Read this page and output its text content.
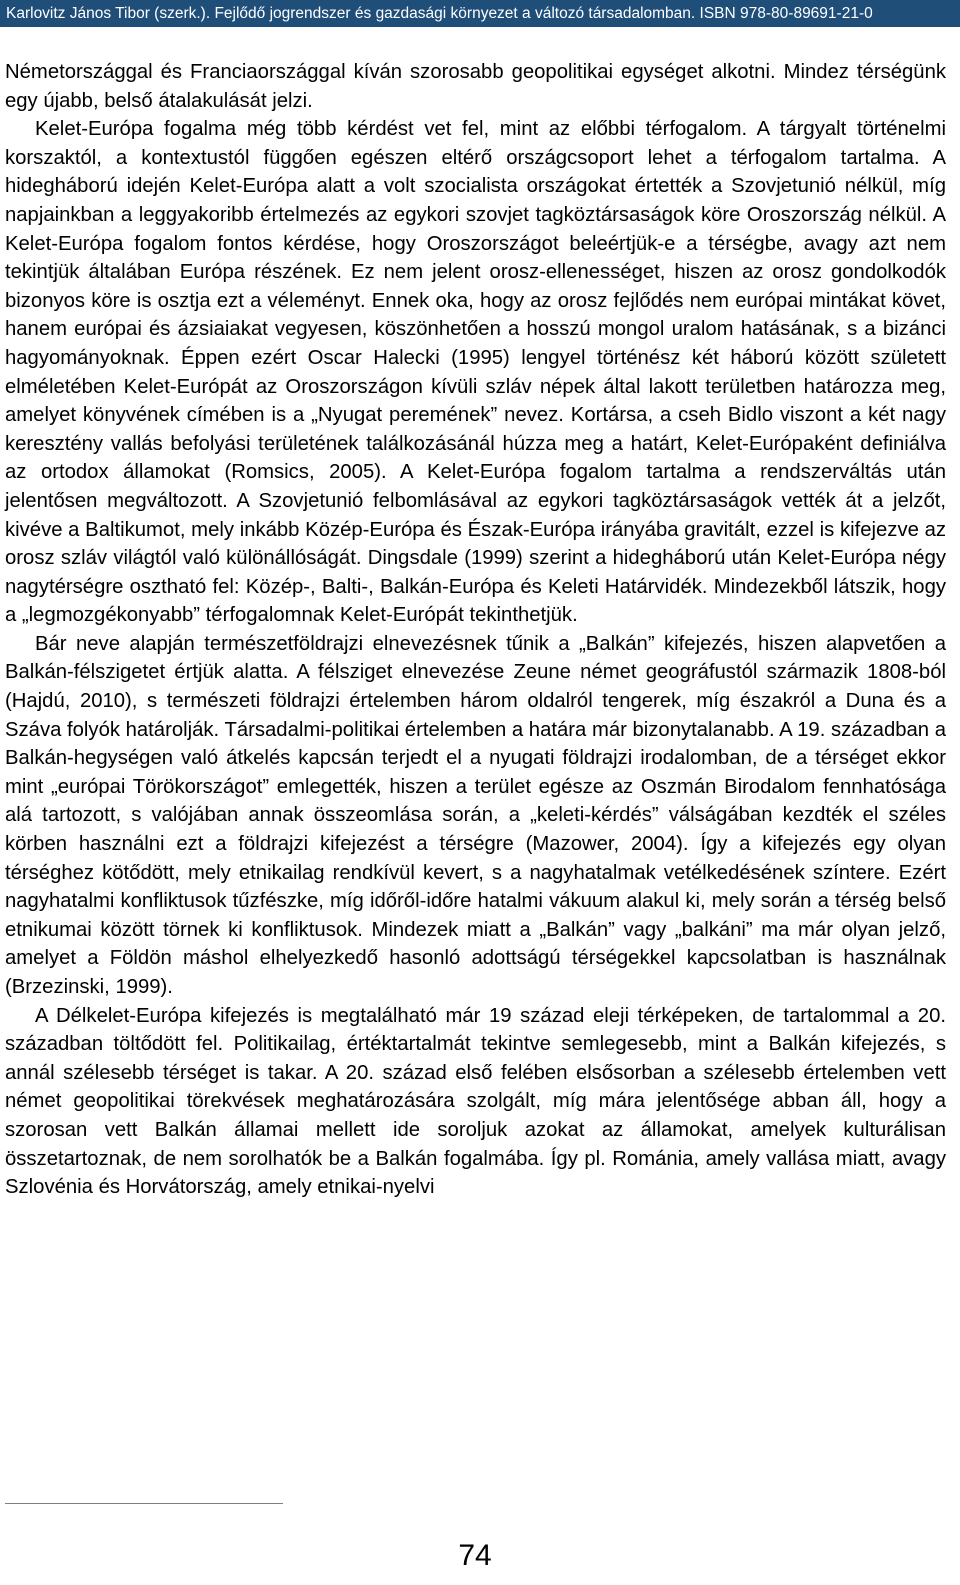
Karlovitz János Tibor (szerk.). Fejlődő jogrendszer és gazdasági környezet a változó társadalomban. ISBN 978-80-89691-21-0

Németországgal és Franciaországgal kíván szorosabb geopolitikai egységet alkotni. Mindez térségünk egy újabb, belső átalakulását jelzi.

Kelet-Európa fogalma még több kérdést vet fel, mint az előbbi térfogalom. A tárgyalt történelmi korszaktól, a kontextustól függően egészen eltérő országcsoport lehet a térfogalom tartalma. A hidegháború idején Kelet-Európa alatt a volt szocialista országokat értették a Szovjetunió nélkül, míg napjainkban a leggyakoribb értelmezés az egykori szovjet tagköztársaságok köre Oroszország nélkül. A Kelet-Európa fogalom fontos kérdése, hogy Oroszországot beleértjük-e a térségbe, avagy azt nem tekintjük általában Európa részének. Ez nem jelent orosz-ellenességet, hiszen az orosz gondolkodók bizonyos köre is osztja ezt a véleményt. Ennek oka, hogy az orosz fejlődés nem európai mintákat követ, hanem európai és ázsiaiakat vegyesen, köszönhetően a hosszú mongol uralom hatásának, s a bizánci hagyományoknak. Éppen ezért Oscar Halecki (1995) lengyel történész két háború között született elméletében Kelet-Európát az Oroszországon kívüli szláv népek által lakott területben határozza meg, amelyet könyvének címében is a „Nyugat peremének” nevez. Kortársa, a cseh Bidlo viszont a két nagy keresztény vallás befolyási területének találkozásánál húzza meg a határt, Kelet-Európaként definiálva az ortodox államokat (Romsics, 2005). A Kelet-Európa fogalom tartalma a rendszerváltás után jelentősen megváltozott. A Szovjetunió felbomlásával az egykori tagköztársaságok vették át a jelzőt, kivéve a Baltikumot, mely inkább Közép-Európa és Észak-Európa irányába gravitált, ezzel is kifejezve az orosz szláv világtól való különállóságát. Dingsdale (1999) szerint a hidegháború után Kelet-Európa négy nagytérségre osztható fel: Közép-, Balti-, Balkán-Európa és Keleti Határvidék. Mindezekből látszik, hogy a „legmozgékonyabb” térfogalomnak Kelet-Európát tekinthetjük.

Bár neve alapján természetföldrajzi elnevezésnek tűnik a „Balkán” kifejezés, hiszen alapvetően a Balkán-félszigetet értjük alatta. A félsziget elnevezése Zeune német geográfustól származik 1808-ból (Hajdú, 2010), s természeti földrajzi értelemben három oldalról tengerek, míg északról a Duna és a Száva folyók határolják. Társadalmi-politikai értelemben a határa már bizonytalanabb. A 19. században a Balkán-hegységen való átkelés kapcsán terjedt el a nyugati földrajzi irodalomban, de a térséget ekkor mint „európai Törökországot” emlegették, hiszen a terület egésze az Oszmán Birodalom fennhatósága alá tartozott, s valójában annak összeomlása során, a „keleti-kérdés” válságában kezdték el széles körben használni ezt a földrajzi kifejezést a térségre (Mazower, 2004). Így a kifejezés egy olyan térséghez kötődött, mely etnikailag rendkívül kevert, s a nagyhatalmak vetélkedésének színtere. Ezért nagyhatalmi konfliktusok tűzfészke, míg időről-időre hatalmi vákuum alakul ki, mely során a térség belső etnikumai között törnek ki konfliktusok. Mindezek miatt a „Balkán” vagy „balkáni” ma már olyan jelző, amelyet a Földön máshol elhelyezkedő hasonló adottságú térségekkel kapcsolatban is használnak (Brzezinski, 1999).

A Délkelet-Európa kifejezés is megtalálható már 19 század eleji térképeken, de tartalommal a 20. században töltődött fel. Politikailag, értéktartalmát tekintve semlegesebb, mint a Balkán kifejezés, s annál szélesebb térséget is takar. A 20. század első felében elsősorban a szélesebb értelemben vett német geopolitikai törekvések meghatározására szolgált, míg mára jelentősége abban áll, hogy a szorosan vett Balkán államai mellett ide soroljuk azokat az államokat, amelyek kulturálisan összetartoznak, de nem sorolhatók be a Balkán fogalmába. Így pl. Románia, amely vallása miatt, avagy Szlovénia és Horvátország, amely etnikai-nyelvi

74
